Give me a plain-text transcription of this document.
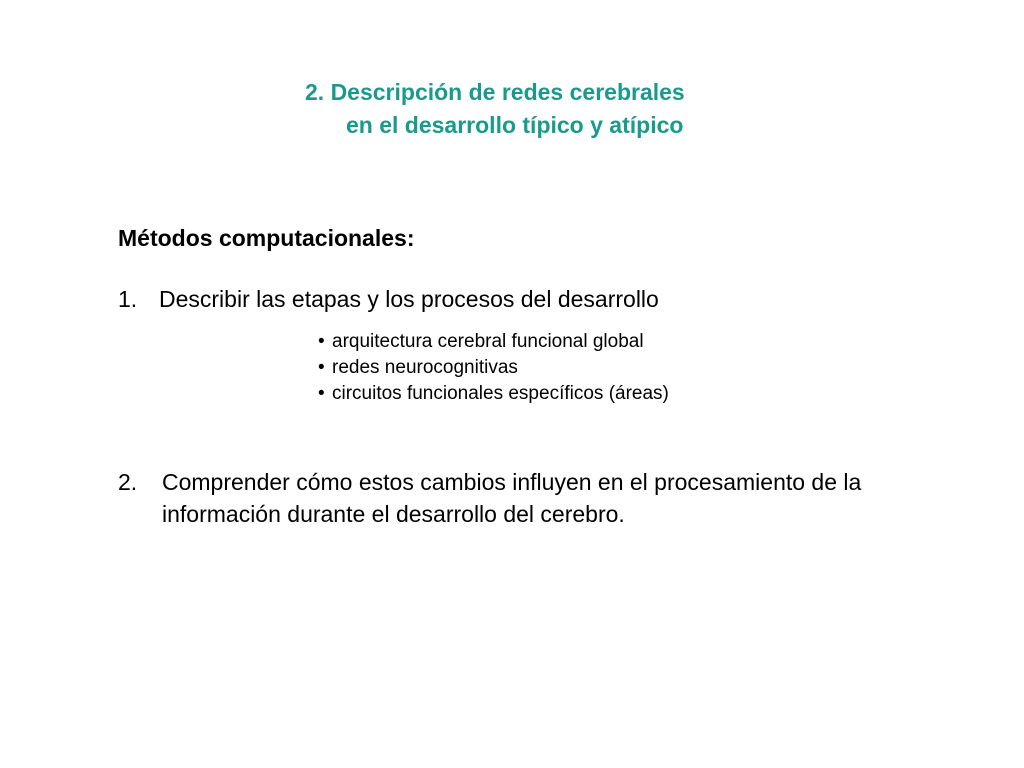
2. Descripción de redes cerebrales
en el desarrollo típico y atípico
Métodos computacionales:
1. Describir las etapas y los procesos del desarrollo
• arquitectura cerebral funcional global
• redes neurocognitivas
• circuitos funcionales específicos (áreas)
2. Comprender cómo estos cambios influyen en el procesamiento de la
información durante el desarrollo del cerebro.
